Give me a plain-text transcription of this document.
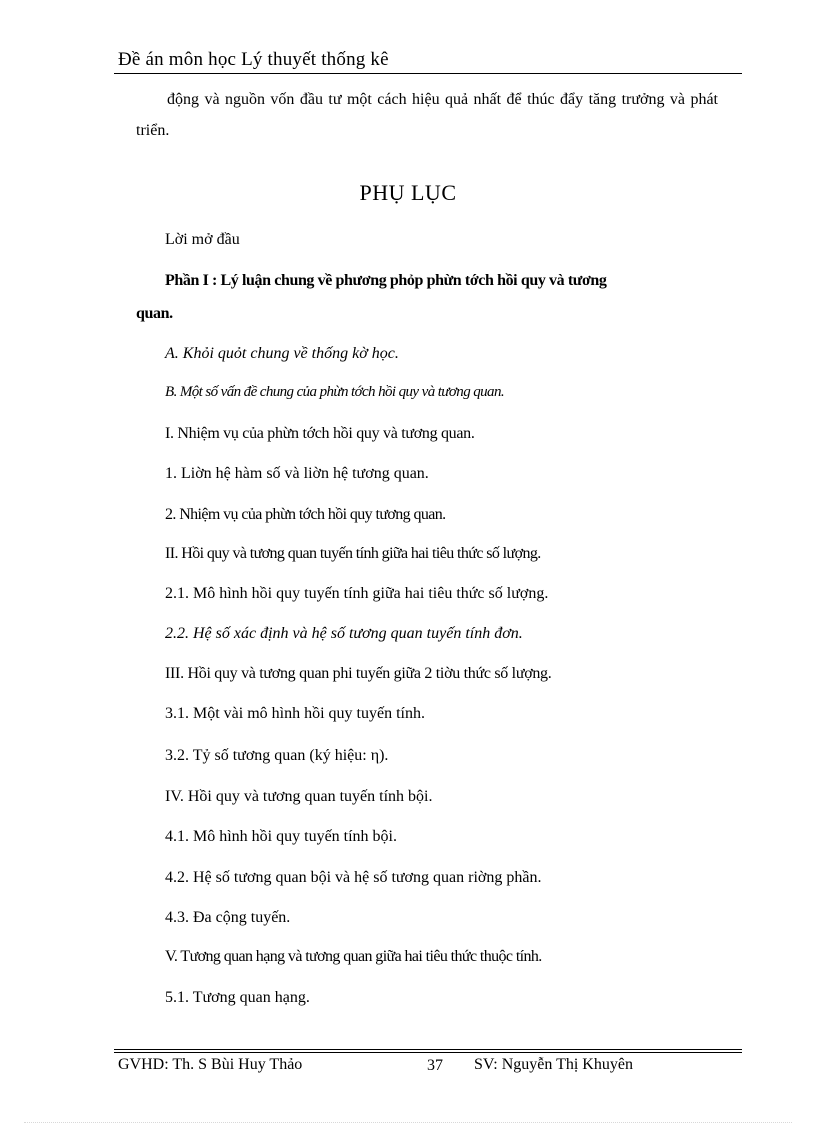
Đề án môn học Lý thuyết thống kê
động và nguồn vốn đầu tư một cách hiệu quả nhất để thúc đẩy tăng trưởng và phát triển.
PHỤ LỤC
Lời mở đầu
Phần I : Lý luận chung về phương phỏp phừn tớch hồi quy và tương
quan.
A. Khỏi quỏt chung về thống kờ học.
B. Một số vấn đề chung của phừn tớch hồi quy và tương quan.
I. Nhiệm vụ của phừn tớch hồi quy và tương quan.
1. Liờn hệ hàm số và liờn hệ tương quan.
2. Nhiệm vụ của phừn tớch hồi quy tương quan.
II. Hồi quy và tương quan tuyến tính giữa hai tiêu thức số lượng.
2.1. Mô hình hồi quy tuyến tính giữa hai tiêu thức số lượng.
2.2. Hệ số xác định và hệ số tương quan tuyến tính đơn.
III. Hồi quy và tương quan phi tuyến giữa 2 tiờu thức số lượng.
3.1. Một vài mô hình hồi quy tuyến tính.
3.2. Tỷ số tương quan (ký hiệu: η).
IV. Hồi quy và tương quan tuyến tính bội.
4.1. Mô hình hồi quy tuyến tính bội.
4.2. Hệ số tương quan bội và hệ số tương quan riờng phần.
4.3. Đa cộng tuyến.
V. Tương quan hạng và tương quan giữa hai tiêu thức thuộc tính.
5.1. Tương quan hạng.
GVHD: Th. S Bùi Huy Thảo	37 SV: Nguyễn Thị Khuyên
